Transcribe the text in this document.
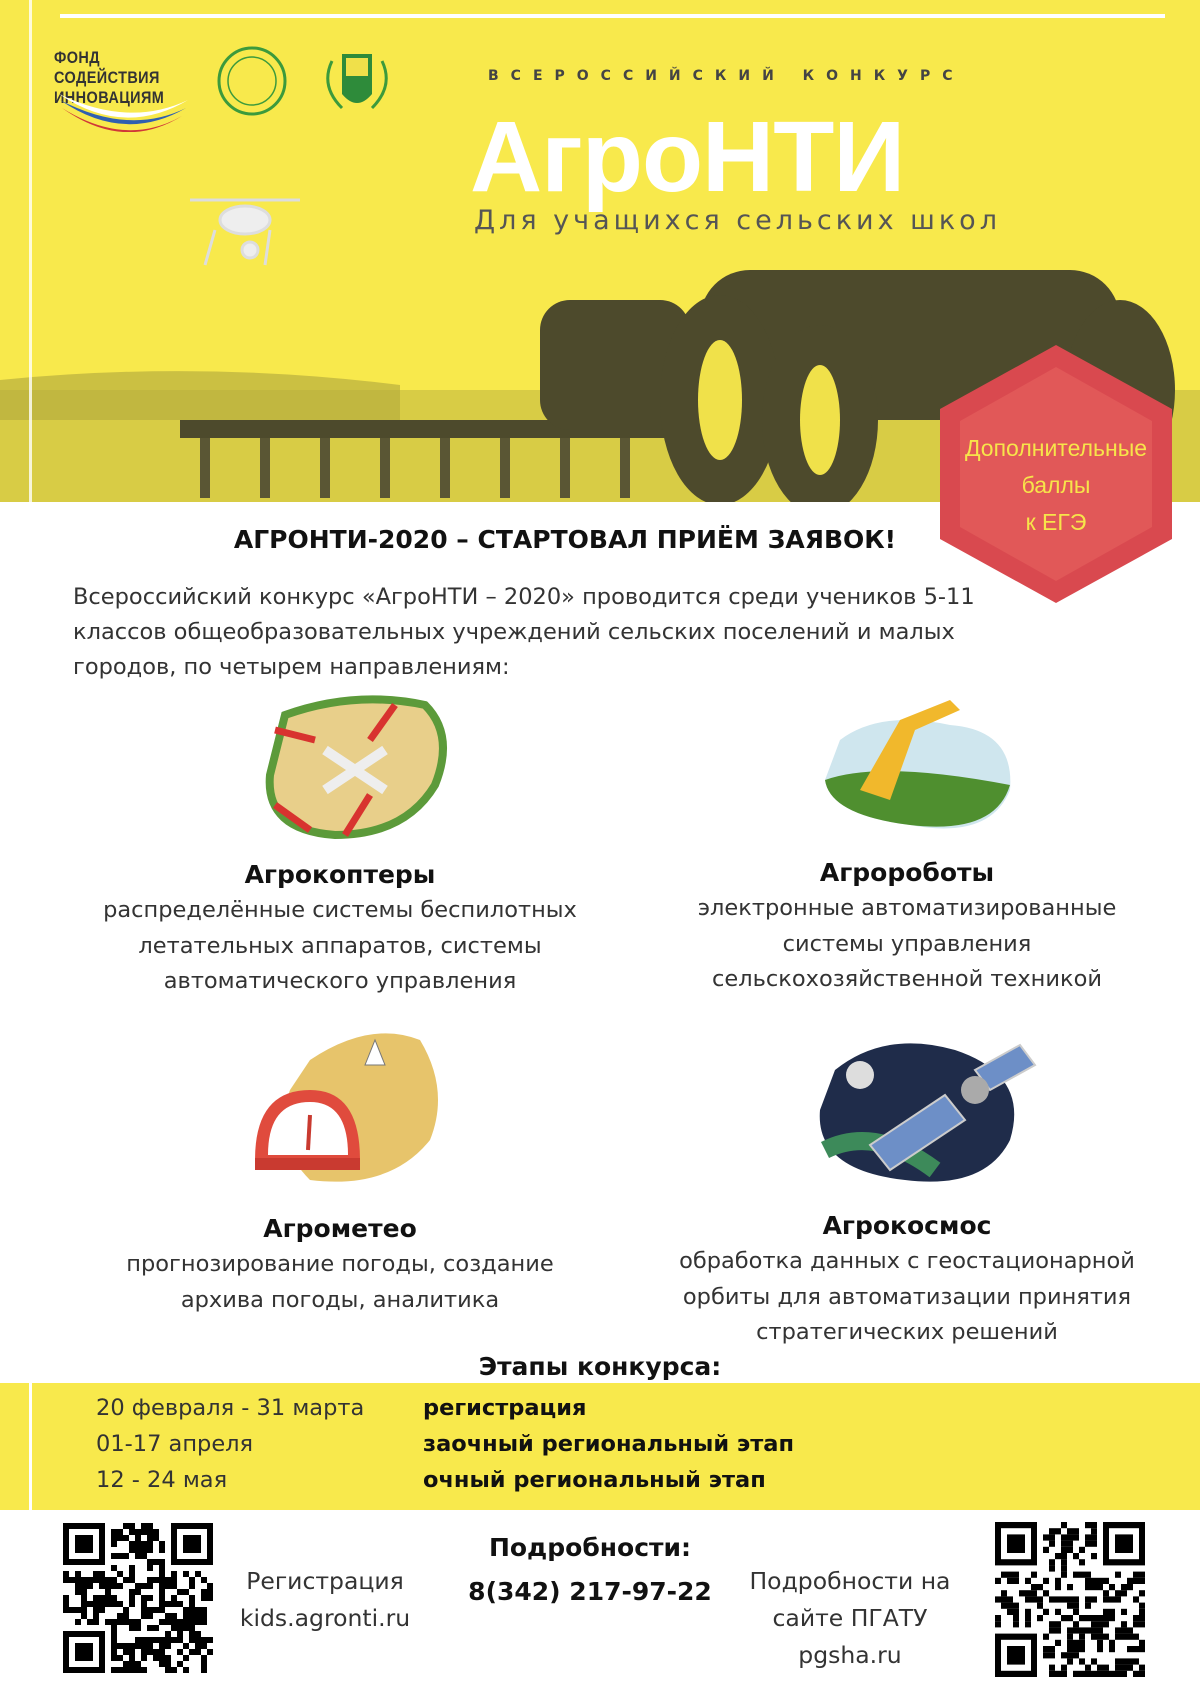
ФОНД СОДЕЙСТВИЯ
ИННОВАЦИЯМ
ВСЕРОССИЙСКИЙ КОНКУРС
АгроНТИ
Для учащихся сельских школ
Дополнительные
баллы
к ЕГЭ
АГРОНТИ-2020 – СТАРТОВАЛ ПРИЁМ ЗАЯВОК!
Всероссийский конкурс «АгроНТИ – 2020» проводится среди учеников 5-11 классов общеобразовательных учреждений сельских поселений и малых городов, по четырем направлениям:
Агрокоптеры

распределённые системы беспилотных

летательных аппаратов, системы

автоматического управления

Агророботы

электронные автоматизированные

системы управления

сельскохозяйственной техникой

Агрометео

прогнозирование погоды, создание

архива погоды, аналитика

Агрокосмос

обработка данных с геостационарной

орбиты для автоматизации принятия

стратегических решений

Этапы конкурса:
20 февраля - 31 марта	регистрация
01-17 апреля	заочный региональный этап
12 - 24 мая	очный региональный этап
Регистрация
kids.agronti.ru
Подробности:
8(342) 217-97-22	Подробности на
сайте ПГАТУ
pgsha.ru
